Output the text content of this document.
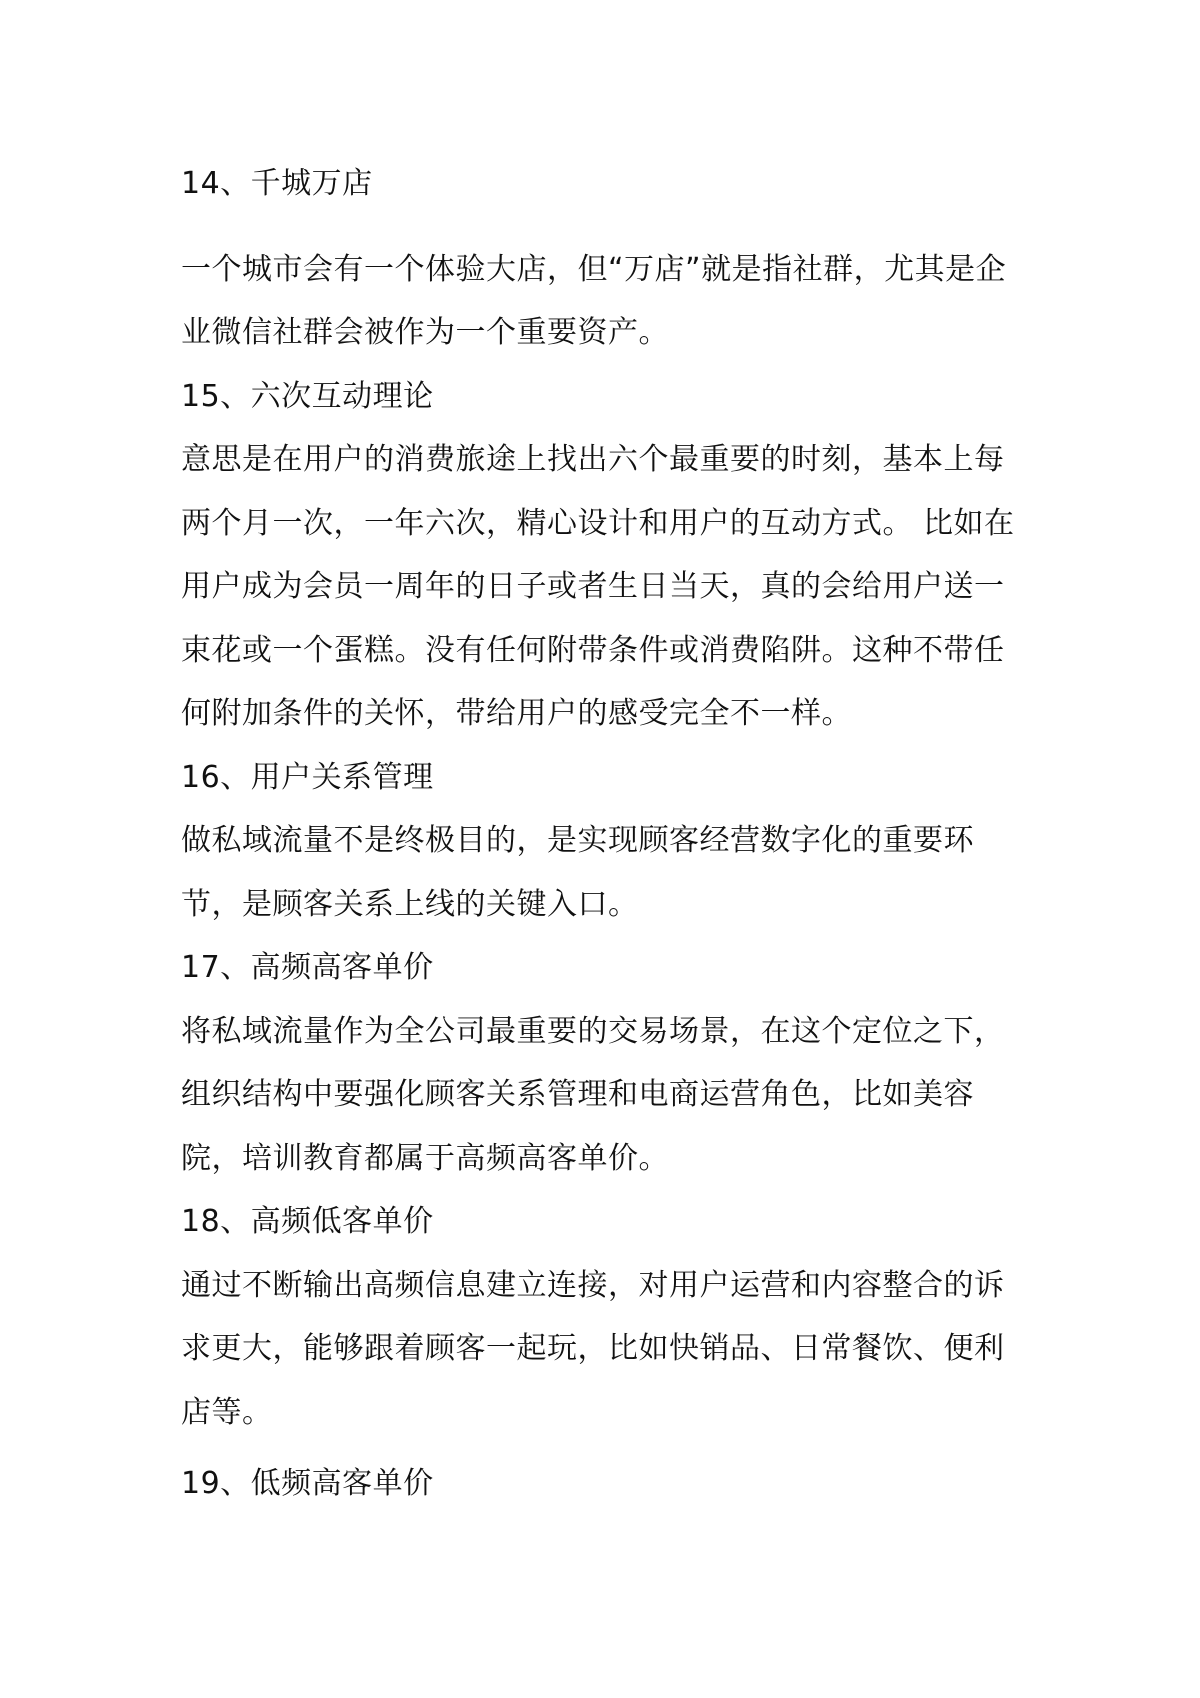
14、千城万店

一个城市会有一个体验大店，但“万店”就是指社群，尤其是企业微信社群会被作为一个重要资产。

15、六次互动理论

意思是在用户的消费旅途上找出六个最重要的时刻，基本上每两个月一次，一年六次，精心设计和用户的互动方式。 比如在用户成为会员一周年的日子或者生日当天，真的会给用户送一束花或一个蛋糕。没有任何附带条件或消费陷阱。这种不带任何附加条件的关怀，带给用户的感受完全不一样。

16、用户关系管理

做私域流量不是终极目的，是实现顾客经营数字化的重要环节，是顾客关系上线的关键入口。

17、高频高客单价

将私域流量作为全公司最重要的交易场景，在这个定位之下，组织结构中要强化顾客关系管理和电商运营角色，比如美容院，培训教育都属于高频高客单价。

18、高频低客单价

通过不断输出高频信息建立连接，对用户运营和内容整合的诉求更大，能够跟着顾客一起玩，比如快销品、日常餐饮、便利店等。

19、低频高客单价
